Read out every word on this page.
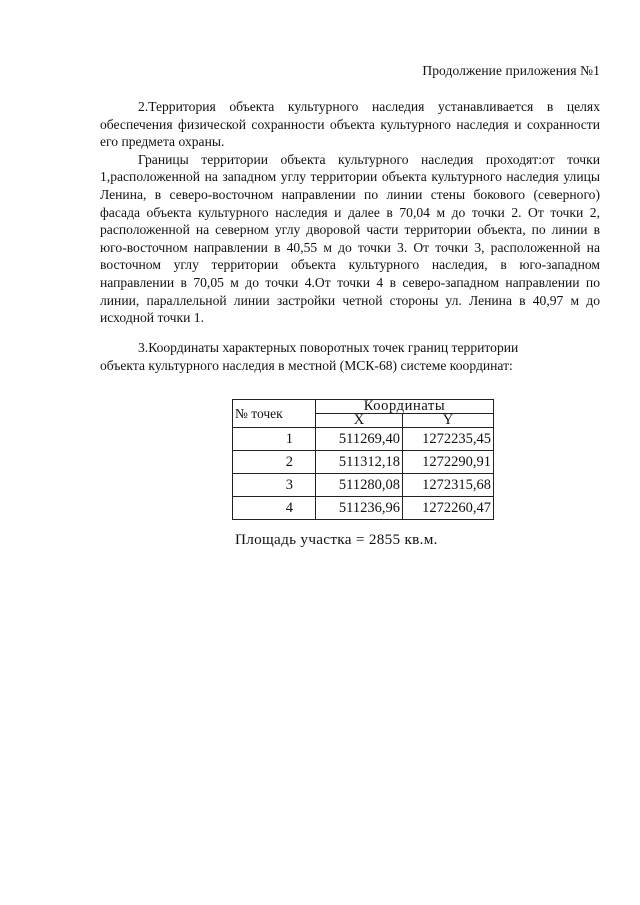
Продолжение приложения №1

2.Территория объекта культурного наследия устанавливается в целях обеспечения физической сохранности объекта культурного наследия и сохранности его предмета охраны.

Границы территории объекта культурного наследия проходят:от точки 1,расположенной на западном углу территории объекта культурного наследия улицы Ленина, в северо-восточном направлении по линии стены бокового (северного) фасада объекта культурного наследия и далее в 70,04 м до точки 2. От точки 2, расположенной на северном углу дворовой части территории объекта, по линии в юго-восточном направлении в 40,55 м до точки 3. От точки 3, расположенной на восточном углу территории объекта культурного наследия, в юго-западном направлении в 70,05 м до точки 4.От точки 4 в северо-западном направлении по линии, параллельной линии застройки четной стороны ул. Ленина в 40,97 м до исходной точки 1.

3.Координаты характерных поворотных точек границ территории
объекта культурного наследия в местной (МСК-68) системе координат:
№ точек	Координаты	
	X	Y
1	511269,40	1272235,45
2	511312,18	1272290,91
3	511280,08	1272315,68
4	511236,96	1272260,47
Площадь участка = 2855 кв.м.
